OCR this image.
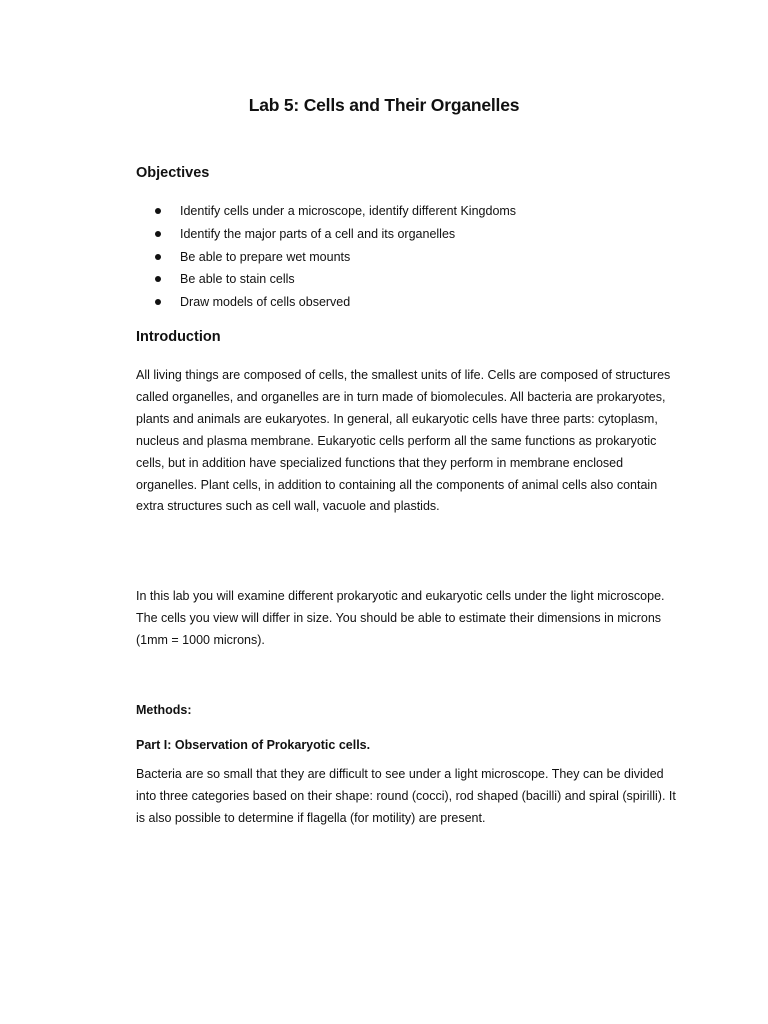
Lab 5: Cells and Their Organelles
Objectives
Identify cells under a microscope, identify different Kingdoms
Identify the major parts of a cell and its organelles
Be able to prepare wet mounts
Be able to stain cells
Draw models of cells observed
Introduction

All living things are composed of cells, the smallest units of life. Cells are composed of structures called organelles, and organelles are in turn made of biomolecules. All bacteria are prokaryotes, plants and animals are eukaryotes. In general, all eukaryotic cells have three parts: cytoplasm, nucleus and plasma membrane. Eukaryotic cells perform all the same functions as prokaryotic cells, but in addition have specialized functions that they perform in membrane enclosed organelles. Plant cells, in addition to containing all the components of animal cells also contain extra structures such as cell wall, vacuole and plastids.

In this lab you will examine different prokaryotic and eukaryotic cells under the light microscope. The cells you view will differ in size. You should be able to estimate their dimensions in microns (1mm = 1000 microns).

Methods:
Part I: Observation of Prokaryotic cells.

Bacteria are so small that they are difficult to see under a light microscope. They can be divided into three categories based on their shape: round (cocci), rod shaped (bacilli) and spiral (spirilli). It is also possible to determine if flagella (for motility) are present.
